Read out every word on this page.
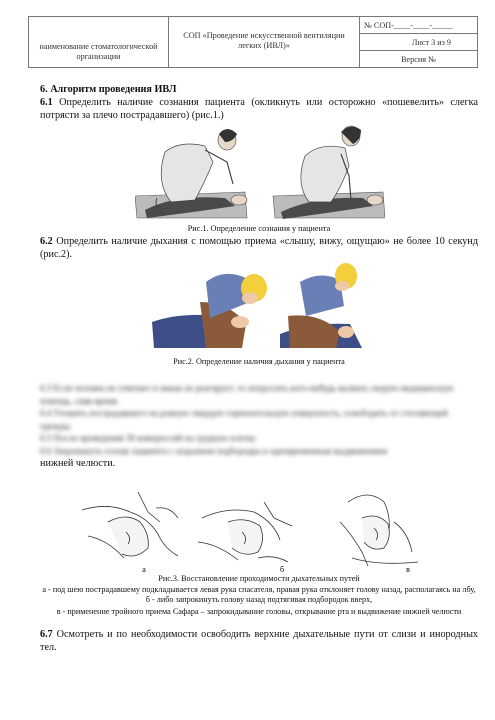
наименование стоматологической организации
СОП «Проведение искусственной вентиляции легких (ИВЛ)»
№ СОП-____-____-_____
Лист 3 из 9
Версия №
6. Алгоритм проведения ИВЛ
6.1 Определить наличие сознания пациента (окликнуть или осторожно «пошевелить» слегка потрясти за плечо пострадавшего) (рис.1.)
Рис.1. Определение сознания у пациента
6.2 Определить наличие дыхания с помощью приема «слышу, вижу, ощущаю» не более 10 секунд (рис.2).
Рис.2. Определение наличия дыхания у пациента
6.3 Если человек не отвечает и никак не реагирует, то попросить кого-нибудь вызвать скорую медицинскую помощь, сняв время.
6.4 Уложить пострадавшего на ровную твердую горизонтальную поверхность, освободить от стесняющей одежды.
6.5 После проведения 30 компрессий на грудную клетку
6.6 Запрокинуть голову пациента с подъемом подбородка и одновременным выдвижением
нижней челюсти.
а	б	в
Рис.3. Восстановление проходимости дыхательных путей
а - под шею пострадавшему подкладывается левая рука спасателя, правая рука отклоняет голову назад, располагаясь на лбу, б - либо запрокинуть голову назад подтягивая подбородок вверх,
в - применение тройного приема Сафара – запрокидывание головы, открывание рта и выдвижение нижней челюсти
6.7 Осмотреть и по необходимости освободить верхние дыхательные пути от слизи и инородных тел.
